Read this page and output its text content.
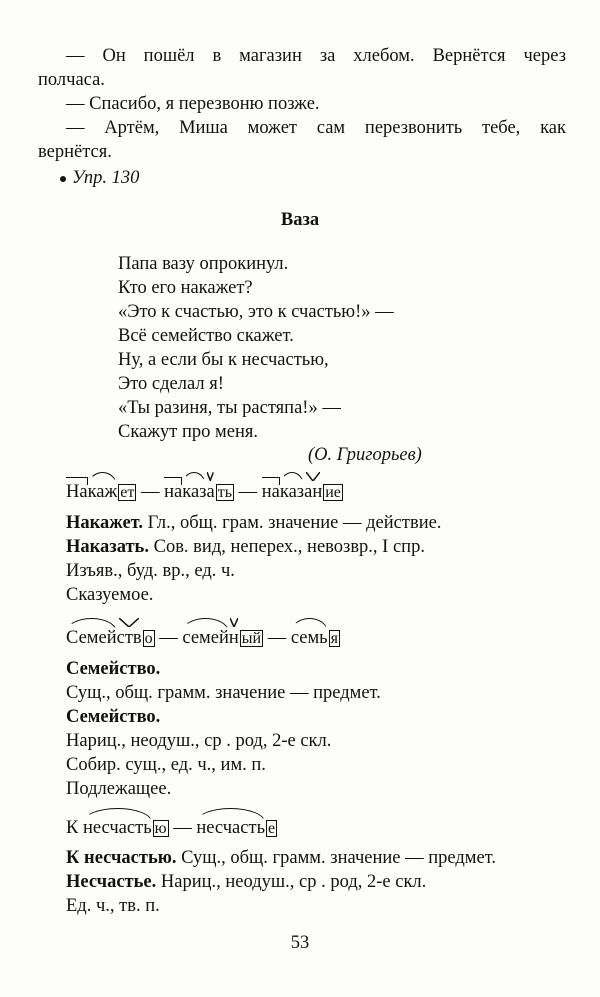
— Он пошёл в магазин за хлебом. Вернётся через
полчаса.
— Спасибо, я перезвоню позже.
— Артём, Миша может сам перезвонить тебе, как
вернётся.
Упр. 130
Ваза
Папа вазу опрокинул.
Кто его накажет?
«Это к счастью, это к счастью!» —
Всё семейство скажет.
Ну, а если бы к несчастью,
Это сделал я!
«Ты разиня, ты растяпа!» —
Скажут про меня.
(О. Григорьев)
Накаж ет — наказа ть — наказан ие
Накажет. Гл., общ. грам. значение — действие.
Наказать. Сов. вид, неперех., невозвр., I спр.
Изъяв., буд. вр., ед. ч.
Сказуемое.
Семейств о — семейн ый — семь я
Семейство.
Сущ., общ. грамм. значение — предмет.
Семейство.
Нариц., неодуш., ср . род, 2-е скл.
Собир. сущ., ед. ч., им. п.
Подлежащее.
К несчасть ю — несчасть е
К несчастью. Сущ., общ. грамм. значение — предмет.
Несчастье. Нариц., неодуш., ср . род, 2-е скл.
Ед. ч., тв. п.
53
